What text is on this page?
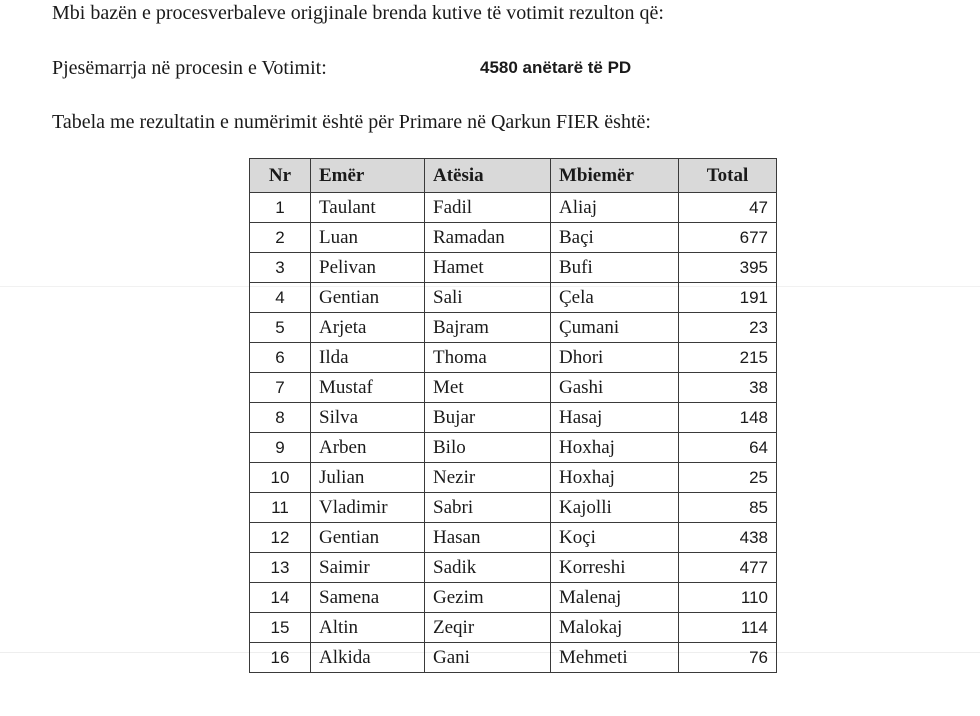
Mbi bazën e procesverbaleve origjinale brenda kutive të votimit rezulton që:
Pjesëmarrja në procesin e Votimit:	4580 anëtarë të PD
Tabela me rezultatin e numërimit është për Primare në Qarkun FIER është:
Nr	Emër	Atësia	Mbiemër	Total
1	Taulant	Fadil	Aliaj	47
2	Luan	Ramadan	Baçi	677
3	Pelivan	Hamet	Bufi	395
4	Gentian	Sali	Çela	191
5	Arjeta	Bajram	Çumani	23
6	Ilda	Thoma	Dhori	215
7	Mustaf	Met	Gashi	38
8	Silva	Bujar	Hasaj	148
9	Arben	Bilo	Hoxhaj	64
10	Julian	Nezir	Hoxhaj	25
11	Vladimir	Sabri	Kajolli	85
12	Gentian	Hasan	Koçi	438
13	Saimir	Sadik	Korreshi	477
14	Samena	Gezim	Malenaj	110
15	Altin	Zeqir	Malokaj	114
16	Alkida	Gani	Mehmeti	76
